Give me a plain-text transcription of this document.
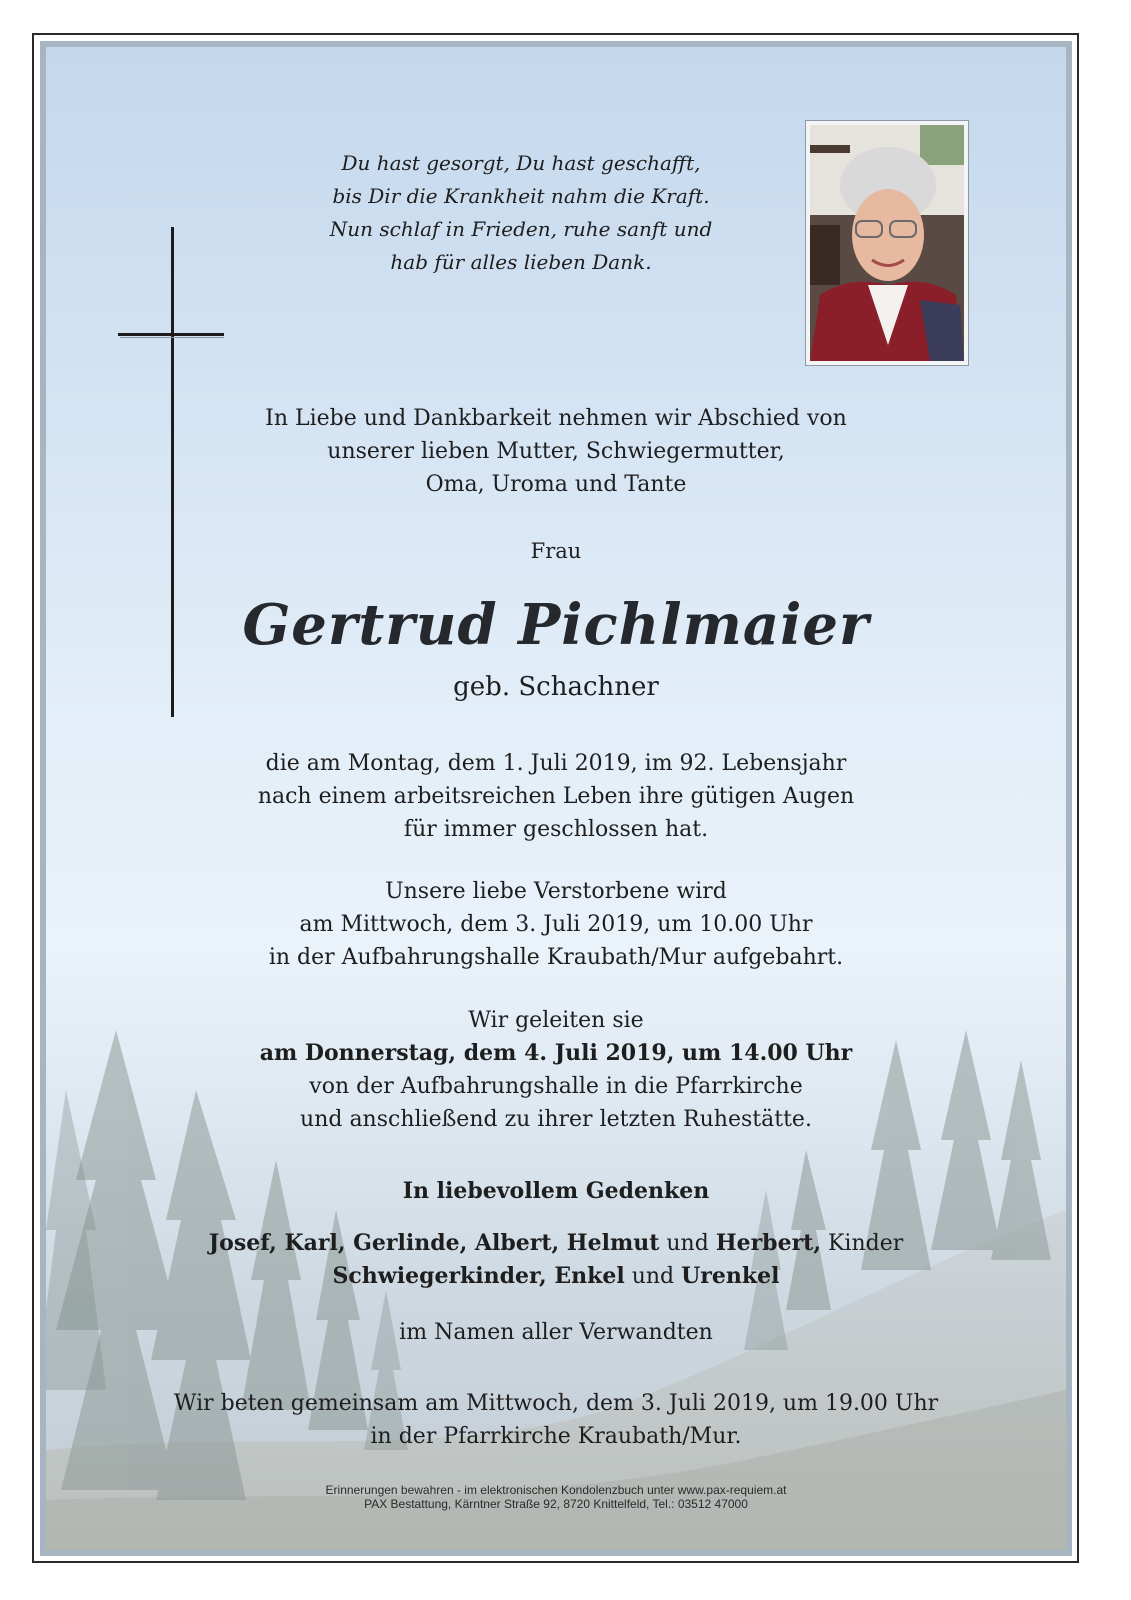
Du hast gesorgt, Du hast geschafft,
bis Dir die Krankheit nahm die Kraft.
Nun schlaf in Frieden, ruhe sanft und
hab für alles lieben Dank.
In Liebe und Dankbarkeit nehmen wir Abschied von
unserer lieben Mutter, Schwiegermutter,
Oma, Uroma und Tante
Frau
Gertrud Pichlmaier
geb. Schachner
die am Montag, dem 1. Juli 2019, im 92. Lebensjahr
nach einem arbeitsreichen Leben ihre gütigen Augen
für immer geschlossen hat.
Unsere liebe Verstorbene wird
am Mittwoch, dem 3. Juli 2019, um 10.00 Uhr
in der Aufbahrungshalle Kraubath/Mur aufgebahrt.
Wir geleiten sie
am Donnerstag, dem 4. Juli 2019, um 14.00 Uhr
von der Aufbahrungshalle in die Pfarrkirche
und anschließend zu ihrer letzten Ruhestätte.
In liebevollem Gedenken
Josef, Karl, Gerlinde, Albert, Helmut und Herbert, Kinder
Schwiegerkinder, Enkel und Urenkel
im Namen aller Verwandten
Wir beten gemeinsam am Mittwoch, dem 3. Juli 2019, um 19.00 Uhr
in der Pfarrkirche Kraubath/Mur.
Erinnerungen bewahren - im elektronischen Kondolenzbuch unter www.pax-requiem.at
PAX Bestattung, Kärntner Straße 92, 8720 Knittelfeld, Tel.: 03512 47000
